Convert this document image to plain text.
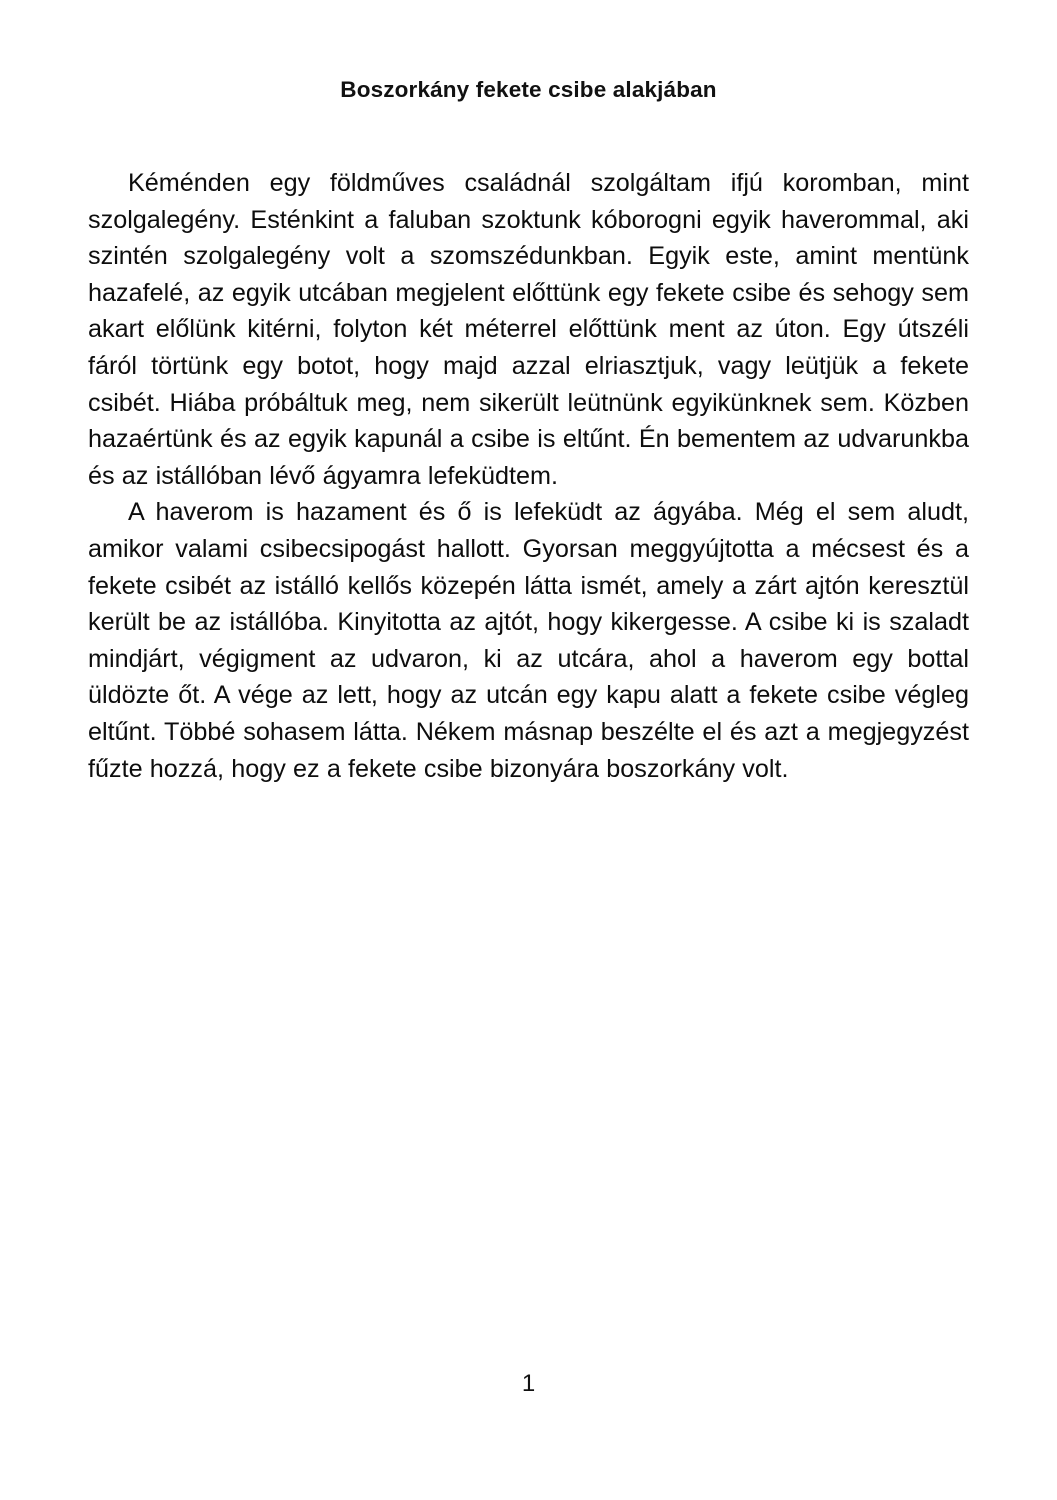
Boszorkány fekete csibe alakjában

Kéménden egy földműves családnál szolgáltam ifjú koromban, mint szolgalegény. Esténkint a faluban szoktunk kóborogni egyik haverommal, aki szintén szolgalegény volt a szomszédunkban. Egyik este, amint mentünk hazafelé, az egyik utcában megjelent előttünk egy fekete csibe és sehogy sem akart előlünk kitérni, folyton két méterrel előttünk ment az úton. Egy útszéli fáról törtünk egy botot, hogy majd azzal elriasztjuk, vagy leütjük a fekete csibét. Hiába próbáltuk meg, nem sikerült leütnünk egyikünknek sem. Közben hazaértünk és az egyik kapunál a csibe is eltűnt. Én bementem az udvarunkba és az istállóban lévő ágyamra lefeküdtem.

A haverom is hazament és ő is lefeküdt az ágyába. Még el sem aludt, amikor valami csibecsipogást hallott. Gyorsan meggyújtotta a mécsest és a fekete csibét az istálló kellős közepén látta ismét, amely a zárt ajtón keresztül került be az istállóba. Kinyitotta az ajtót, hogy kikergesse. A csibe ki is szaladt mindjárt, végigment az udvaron, ki az utcára, ahol a haverom egy bottal üldözte őt. A vége az lett, hogy az utcán egy kapu alatt a fekete csibe végleg eltűnt. Többé sohasem látta. Nékem másnap beszélte el és azt a megjegyzést fűzte hozzá, hogy ez a fekete csibe bizonyára boszorkány volt.

1
